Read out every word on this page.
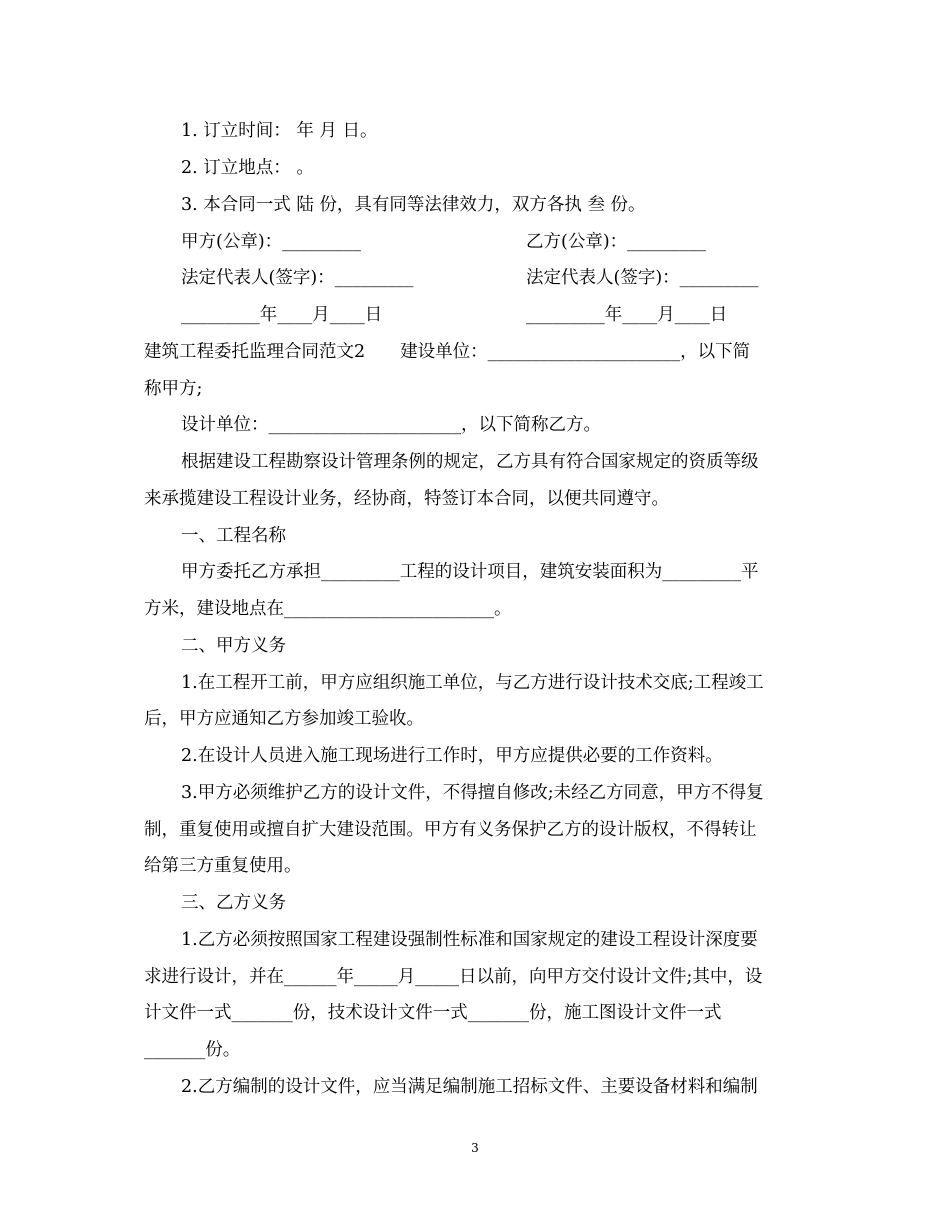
1. 订立时间： 年 月 日。
2. 订立地点： 。
3. 本合同一式 陆 份，具有同等法律效力，双方各执 叁 份。
甲方(公章)：_________	乙方(公章)：_________
法定代表人(签字)：_________	法定代表人(签字)：_________
_________年____月____日	_________年____月____日
建筑工程委托监理合同范文2　　建设单位：______________________，以下简
称甲方;
设计单位：______________________，以下简称乙方。
根据建设工程勘察设计管理条例的规定，乙方具有符合国家规定的资质等级
来承揽建设工程设计业务，经协商，特签订本合同，以便共同遵守。
一、工程名称
甲方委托乙方承担_________工程的设计项目，建筑安装面积为_________平
方米，建设地点在________________________。
二、甲方义务
1.在工程开工前，甲方应组织施工单位，与乙方进行设计技术交底;工程竣工
后，甲方应通知乙方参加竣工验收。
2.在设计人员进入施工现场进行工作时，甲方应提供必要的工作资料。
3.甲方必须维护乙方的设计文件，不得擅自修改;未经乙方同意，甲方不得复
制，重复使用或擅自扩大建设范围。甲方有义务保护乙方的设计版权，不得转让
给第三方重复使用。
三、乙方义务
1.乙方必须按照国家工程建设强制性标准和国家规定的建设工程设计深度要
求进行设计，并在______年_____月_____日以前，向甲方交付设计文件;其中，设
计文件一式_______份，技术设计文件一式_______份，施工图设计文件一式
_______份。
2.乙方编制的设计文件，应当满足编制施工招标文件、主要设备材料和编制
3
